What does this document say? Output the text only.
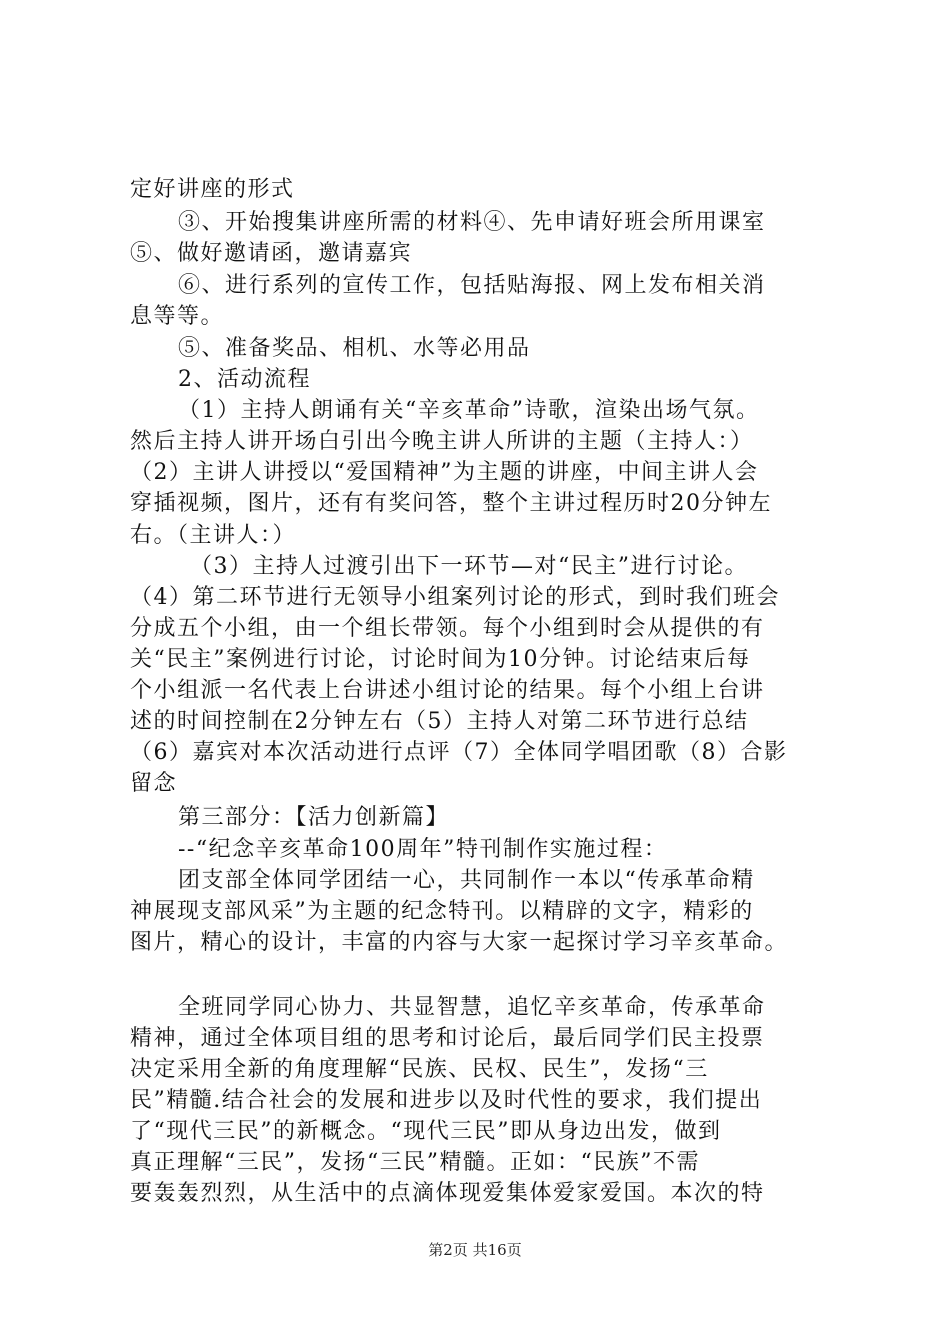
定好讲座的形式
③、开始搜集讲座所需的材料④、先申请好班会所用课室
⑤、做好邀请函，邀请嘉宾
⑥、进行系列的宣传工作，包括贴海报、网上发布相关消
息等等。
⑤、准备奖品、相机、水等必用品
2、活动流程
（1）主持人朗诵有关“辛亥革命”诗歌，渲染出场气氛。
然后主持人讲开场白引出今晚主讲人所讲的主题（主持人：）
（2）主讲人讲授以“爱国精神”为主题的讲座，中间主讲人会
穿插视频，图片，还有有奖问答，整个主讲过程历时20分钟左
右。（主讲人：）
（3）主持人过渡引出下一环节—对“民主”进行讨论。
（4）第二环节进行无领导小组案列讨论的形式，到时我们班会
分成五个小组，由一个组长带领。每个小组到时会从提供的有
关“民主”案例进行讨论，讨论时间为10分钟。讨论结束后每
个小组派一名代表上台讲述小组讨论的结果。每个小组上台讲
述的时间控制在2分钟左右（5）主持人对第二环节进行总结
（6）嘉宾对本次活动进行点评（7）全体同学唱团歌（8）合影
留念
第三部分：【活力创新篇】
--“纪念辛亥革命100周年”特刊制作实施过程：
团支部全体同学团结一心，共同制作一本以“传承革命精
神展现支部风采”为主题的纪念特刊。以精辟的文字，精彩的
图片，精心的设计，丰富的内容与大家一起探讨学习辛亥革命。
全班同学同心协力、共显智慧，追忆辛亥革命，传承革命
精神，通过全体项目组的思考和讨论后，最后同学们民主投票
决定采用全新的角度理解“民族、民权、民生”，发扬“三
民”精髓.结合社会的发展和进步以及时代性的要求，我们提出
了“现代三民”的新概念。“现代三民”即从身边出发，做到
真正理解“三民”，发扬“三民”精髓。正如：“民族”不需
要轰轰烈烈，从生活中的点滴体现爱集体爱家爱国。本次的特
第2页 共16页
